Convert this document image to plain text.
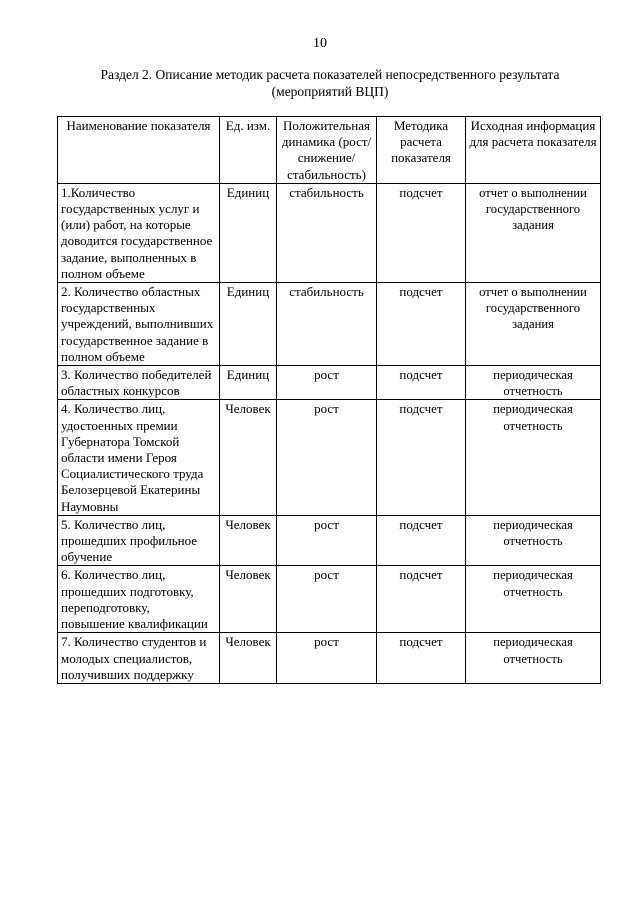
10
Раздел 2. Описание методик расчета показателей непосредственного результата
(мероприятий ВЦП)
Наименование показателя	Ед. изм.	Положительная динамика (рост/снижение/ стабильность)	Методика расчета показателя	Исходная информация для расчета показателя
1.Количество государственных услуг и (или) работ, на которые доводится государственное задание, выполненных в полном объеме	Единиц	стабильность	подсчет	отчет о выполнении государственного задания
2. Количество областных государственных учреждений, выполнивших государственное задание в полном объеме	Единиц	стабильность	подсчет	отчет о выполнении государственного задания
3. Количество победителей областных конкурсов	Единиц	рост	подсчет	периодическая отчетность
4. Количество лиц, удостоенных премии Губернатора Томской области имени Героя Социалистического труда Белозерцевой Екатерины Наумовны	Человек	рост	подсчет	периодическая отчетность
5. Количество лиц, прошедших профильное обучение	Человек	рост	подсчет	периодическая отчетность
6. Количество лиц, прошедших подготовку, переподготовку, повышение квалификации	Человек	рост	подсчет	периодическая отчетность
7. Количество студентов и молодых специалистов, получивших поддержку	Человек	рост	подсчет	периодическая отчетность
